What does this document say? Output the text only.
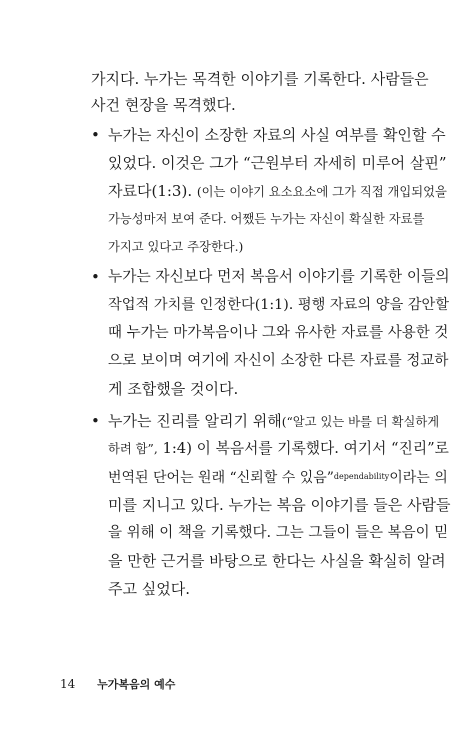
가지다. 누가는 목격한 이야기를 기록한다. 사람들은
사건 현장을 목격했다.
• 누가는 자신이 소장한 자료의 사실 여부를 확인할 수
있었다. 이것은 그가 “근원부터 자세히 미루어 살핀”
자료다(1:3). (이는 이야기 요소요소에 그가 직접 개입되었을
가능성마저 보여 준다. 어쨌든 누가는 자신이 확실한 자료를
가지고 있다고 주장한다.)
• 누가는 자신보다 먼저 복음서 이야기를 기록한 이들의
작업적 가치를 인정한다(1:1). 평행 자료의 양을 감안할
때 누가는 마가복음이나 그와 유사한 자료를 사용한 것
으로 보이며 여기에 자신이 소장한 다른 자료를 정교하
게 조합했을 것이다.
• 누가는 진리를 알리기 위해(“알고 있는 바를 더 확실하게
하려 함”, 1:4) 이 복음서를 기록했다. 여기서 “진리”로
번역된 단어는 원래 “신뢰할 수 있음”$^{dependability}$이라는 의
미를 지니고 있다. 누가는 복음 이야기를 들은 사람들
을 위해 이 책을 기록했다. 그는 그들이 들은 복음이 믿
을 만한 근거를 바탕으로 한다는 사실을 확실히 알려
주고 싶었다.
14 누가복음의 예수
